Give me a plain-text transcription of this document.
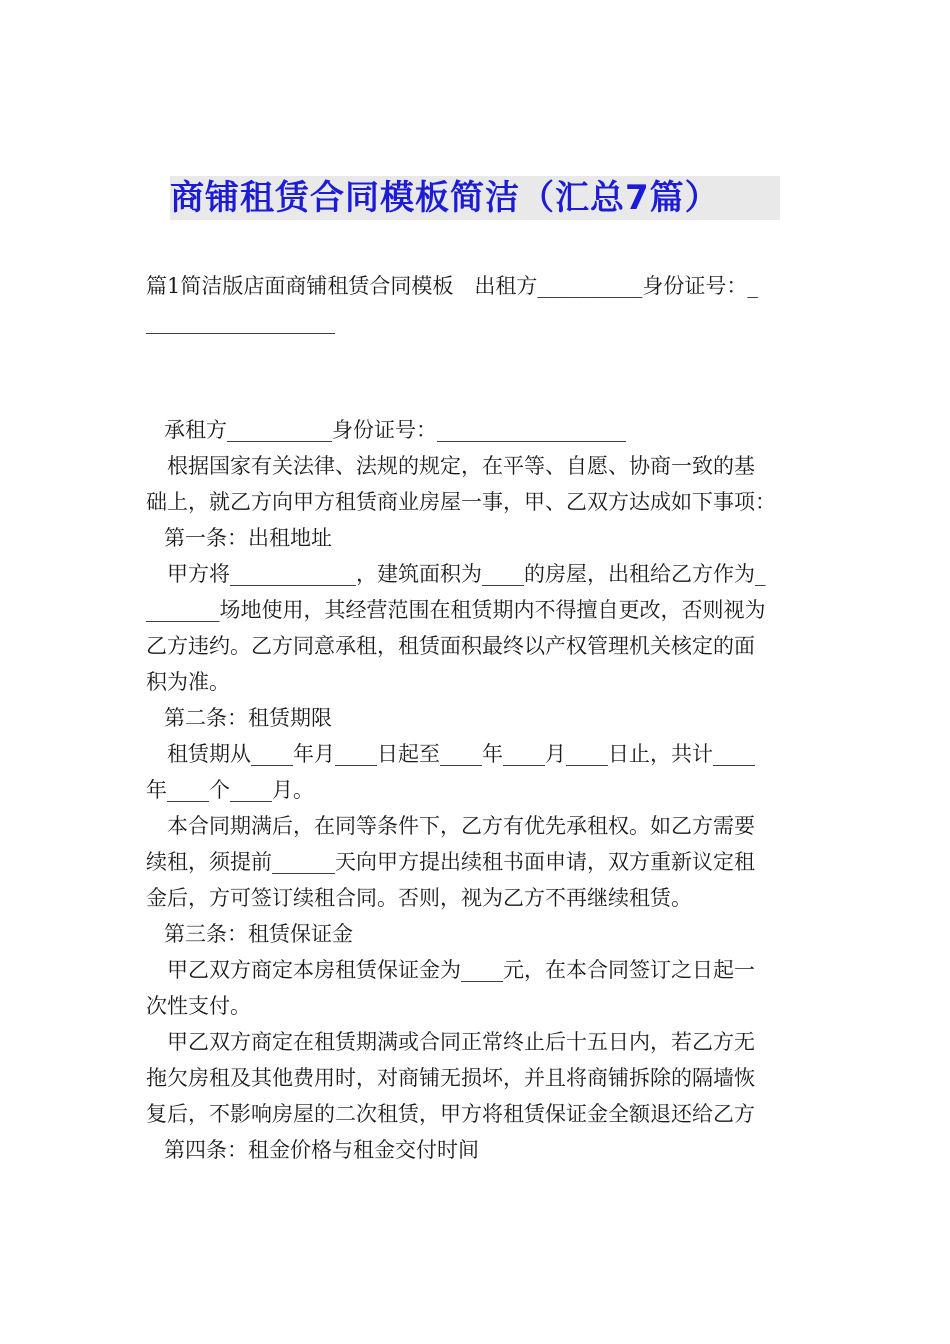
商铺租赁合同模板简洁（汇总7篇）

篇1简洁版店面商铺租赁合同模板　出租方__________身份证号：_

__________________

承租方__________身份证号：__________________

根据国家有关法律、法规的规定，在平等、自愿、协商一致的基

础上，就乙方向甲方租赁商业房屋一事，甲、乙双方达成如下事项：

第一条：出租地址

甲方将____________，建筑面积为____的房屋，出租给乙方作为_

_______场地使用，其经营范围在租赁期内不得擅自更改，否则视为

乙方违约。乙方同意承租，租赁面积最终以产权管理机关核定的面

积为准。

第二条：租赁期限

租赁期从____年月____日起至____年____月____日止，共计____

年____个____月。

本合同期满后，在同等条件下，乙方有优先承租权。如乙方需要

续租，须提前______天向甲方提出续租书面申请，双方重新议定租

金后，方可签订续租合同。否则，视为乙方不再继续租赁。

第三条：租赁保证金

甲乙双方商定本房租赁保证金为____元，在本合同签订之日起一

次性支付。

甲乙双方商定在租赁期满或合同正常终止后十五日内，若乙方无

拖欠房租及其他费用时，对商铺无损坏，并且将商铺拆除的隔墙恢

复后，不影响房屋的二次租赁，甲方将租赁保证金全额退还给乙方

第四条：租金价格与租金交付时间
